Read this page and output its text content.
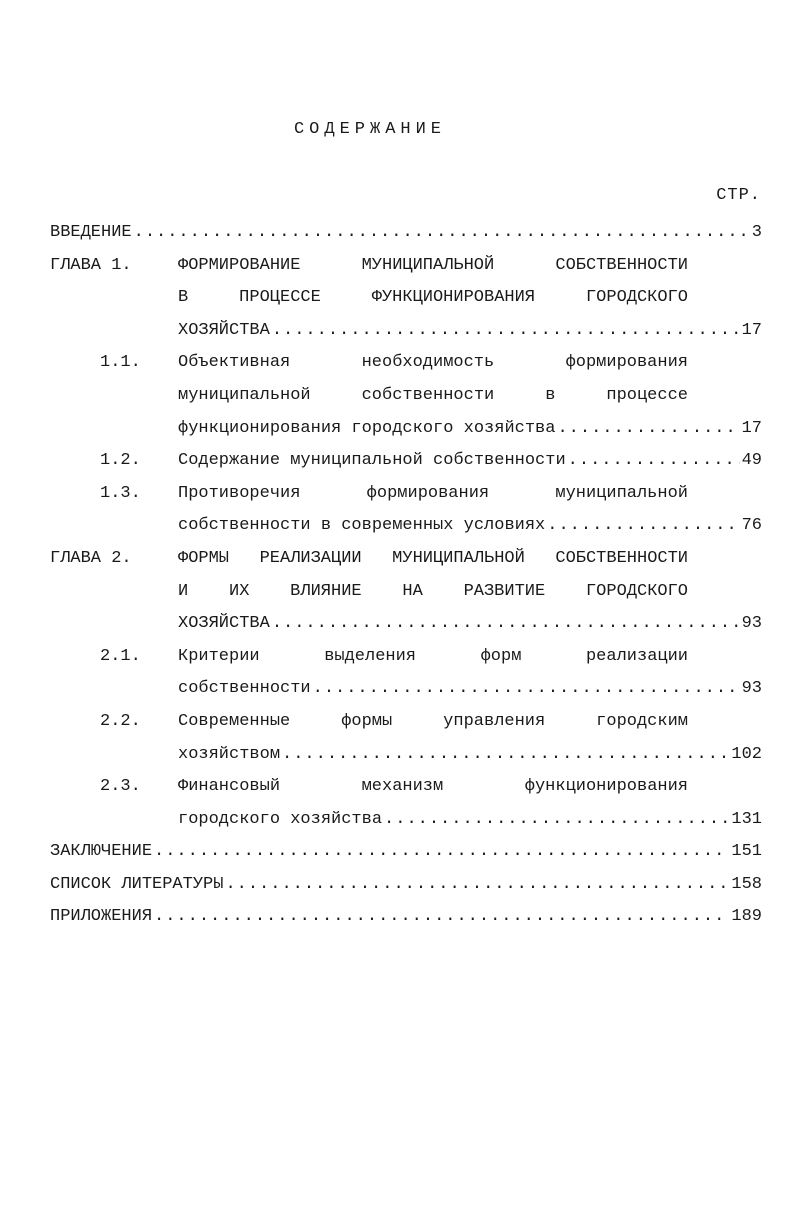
СОДЕРЖАНИЕ
СТР.
ВВЕДЕНИЕ .....	3
ГЛАВА 1.	ФОРМИРОВАНИЕ МУНИЦИПАЛЬНОЙ СОБСТВЕННОСТИ
В ПРОЦЕССЕ ФУНКЦИОНИРОВАНИЯ ГОРОДСКОГО
ХОЗЯЙСТВА .....	17
1.1. Объективная необходимость формирования
муниципальной собственности в процессе
функционирования городского хозяйства .....	17
1.2. Содержание муниципальной собственности .....	49
1.3. Противоречия формирования муниципальной
собственности в современных условиях .....	76
ГЛАВА 2.	ФОРМЫ РЕАЛИЗАЦИИ МУНИЦИПАЛЬНОЙ СОБСТВЕННОСТИ
И ИХ ВЛИЯНИЕ НА РАЗВИТИЕ ГОРОДСКОГО
ХОЗЯЙСТВА .....	93
2.1. Критерии выделения форм реализации
собственности .....	93
2.2. Современные формы управления городским
хозяйством .....	102
2.3. Финансовый механизм функционирования
городского хозяйства .....	131
ЗАКЛЮЧЕНИЕ .....	151
СПИСОК ЛИТЕРАТУРЫ .....	158
ПРИЛОЖЕНИЯ .....	189
